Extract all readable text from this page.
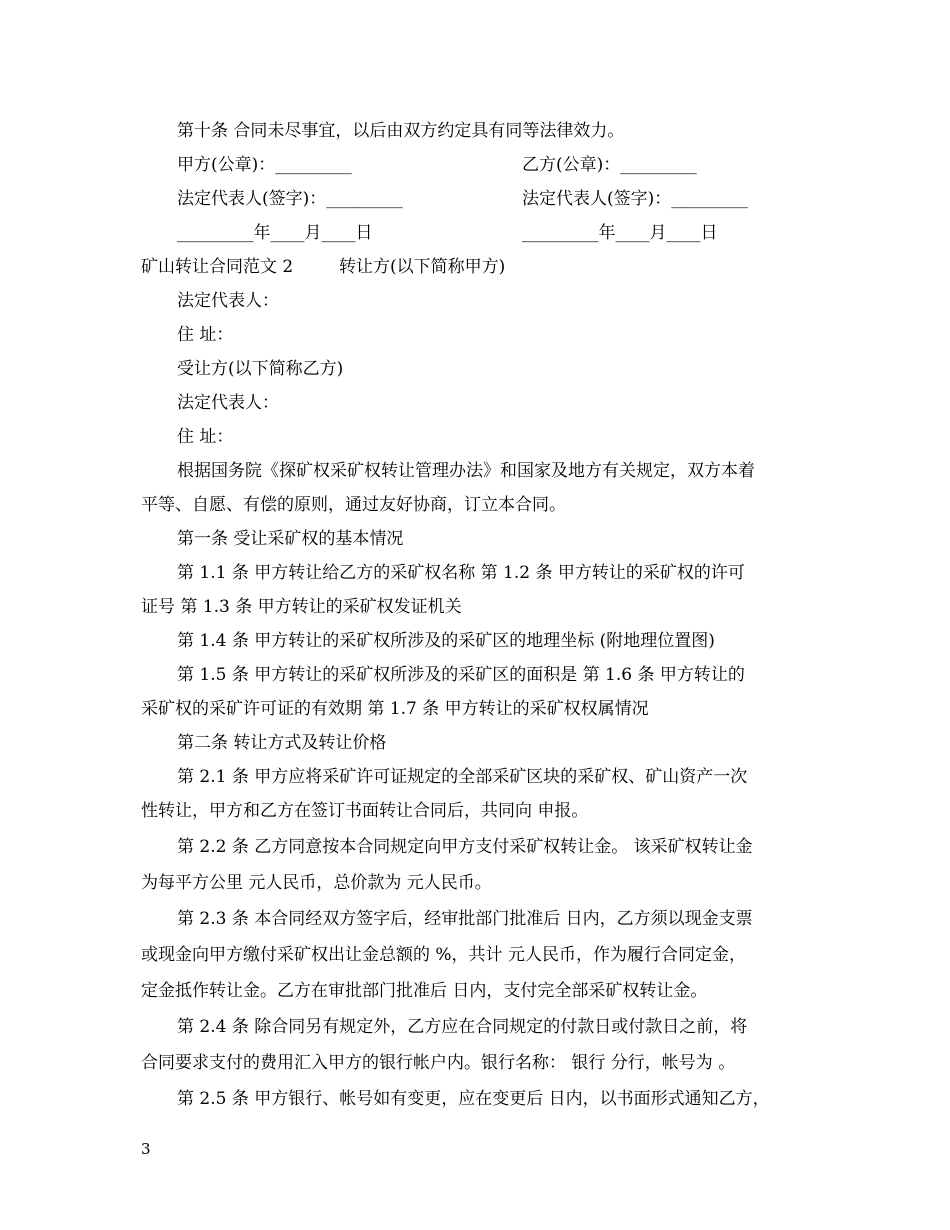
第十条 合同未尽事宜，以后由双方约定具有同等法律效力。
甲方(公章)：_________	乙方(公章)：_________
法定代表人(签字)：_________	法定代表人(签字)：_________
_________年____月____日	_________年____月____日
矿山转让合同范文 2	转让方(以下简称甲方)
法定代表人：
住 址：
受让方(以下简称乙方)
法定代表人：
住 址：
根据国务院《探矿权采矿权转让管理办法》和国家及地方有关规定，双方本着
平等、自愿、有偿的原则，通过友好协商，订立本合同。
第一条 受让采矿权的基本情况
第 1.1 条 甲方转让给乙方的采矿权名称 第 1.2 条 甲方转让的采矿权的许可
证号 第 1.3 条 甲方转让的采矿权发证机关
第 1.4 条 甲方转让的采矿权所涉及的采矿区的地理坐标 (附地理位置图)
第 1.5 条 甲方转让的采矿权所涉及的采矿区的面积是 第 1.6 条 甲方转让的
采矿权的采矿许可证的有效期 第 1.7 条 甲方转让的采矿权权属情况
第二条 转让方式及转让价格
第 2.1 条 甲方应将采矿许可证规定的全部采矿区块的采矿权、矿山资产一次
性转让，甲方和乙方在签订书面转让合同后，共同向 申报。
第 2.2 条 乙方同意按本合同规定向甲方支付采矿权转让金。 该采矿权转让金
为每平方公里 元人民币，总价款为 元人民币。
第 2.3 条 本合同经双方签字后，经审批部门批准后 日内，乙方须以现金支票
或现金向甲方缴付采矿权出让金总额的 %，共计 元人民币，作为履行合同定金，
定金抵作转让金。乙方在审批部门批准后 日内，支付完全部采矿权转让金。
第 2.4 条 除合同另有规定外，乙方应在合同规定的付款日或付款日之前，将
合同要求支付的费用汇入甲方的银行帐户内。银行名称： 银行 分行，帐号为 。
第 2.5 条 甲方银行、帐号如有变更，应在变更后 日内，以书面形式通知乙方，
3
